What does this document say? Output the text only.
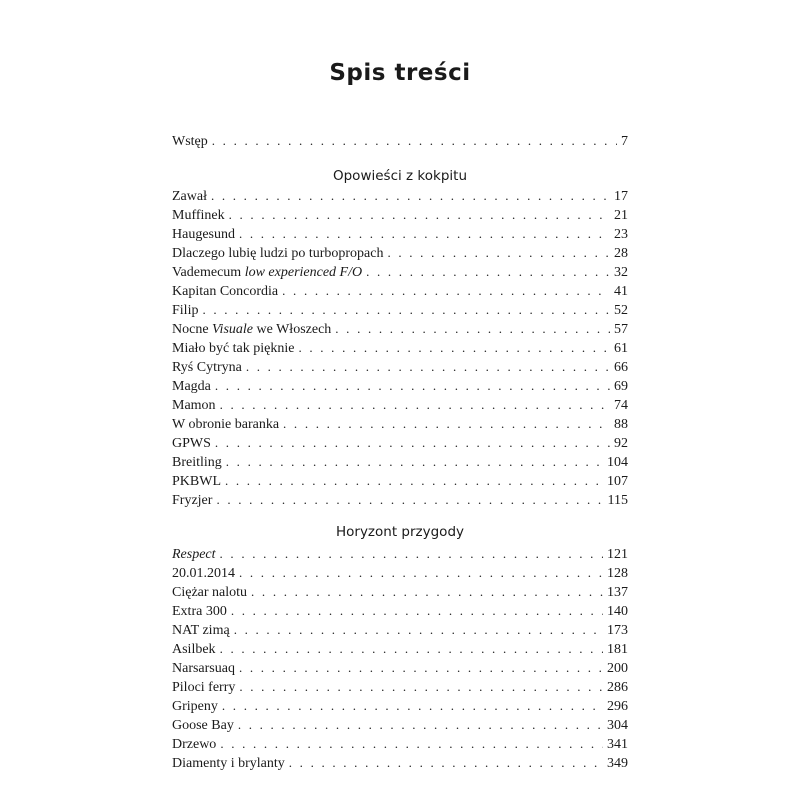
Spis treści
Wstęp . . .	7
Opowieści z kokpitu
Zawał . . .	17
Muffinek . . .	21
Haugesund . . .	23
Dlaczego lubię ludzi po turbopropach . . .	28
Vademecum low experienced F/O . . .	32
Kapitan Concordia . . .	41
Filip . . .	52
Nocne Visuale we Włoszech . . .	57
Miało być tak pięknie . . .	61
Ryś Cytryna . . .	66
Magda . . .	69
Mamon . . .	74
W obronie baranka . . .	88
GPWS . . .	92
Breitling . . .	104
PKBWL . . .	107
Fryzjer . . .	115
Horyzont przygody
Respect . . .	121
20.01.2014 . . .	128
Ciężar nalotu . . .	137
Extra 300 . . .	140
NAT zimą . . .	173
Asilbek . . .	181
Narsarsuaq . . .	200
Piloci ferry . . .	286
Gripeny . . .	296
Goose Bay . . .	304
Drzewo . . .	341
Diamenty i brylanty . . .	349
